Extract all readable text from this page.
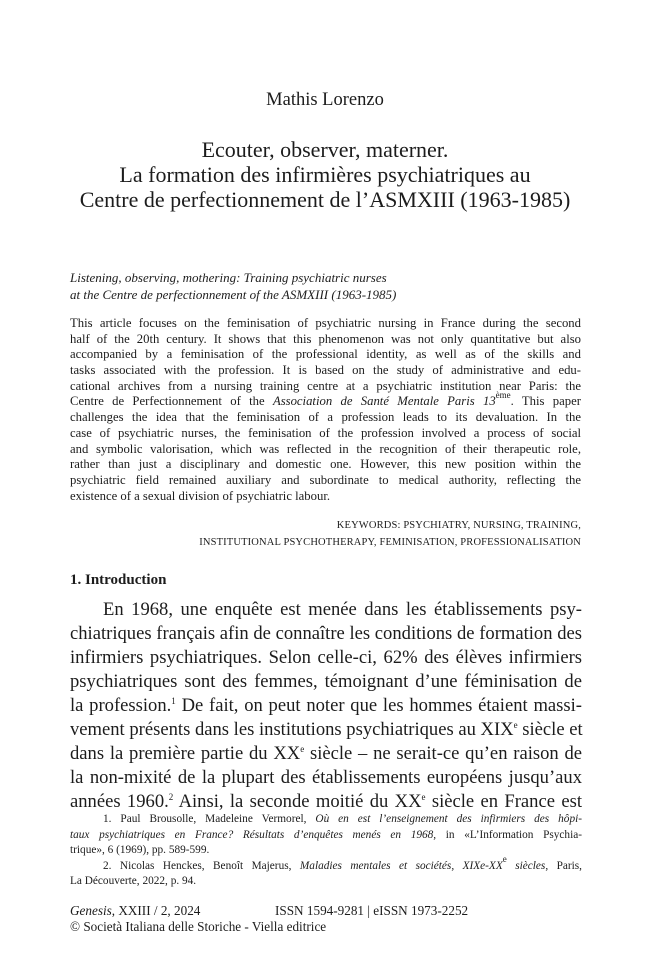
Mathis Lorenzo
Ecouter, observer, materner.
La formation des infirmières psychiatriques au
Centre de perfectionnement de l’ASMXIII (1963-1985)
Listening, observing, mothering: Training psychiatric nurses
at the Centre de perfectionnement of the ASMXIII (1963-1985)
This article focuses on the feminisation of psychiatric nursing in France during the second
half of the 20th century. It shows that this phenomenon was not only quantitative but also
accompanied by a feminisation of the professional identity, as well as of the skills and
tasks associated with the profession. It is based on the study of administrative and edu-
cational archives from a nursing training centre at a psychiatric institution near Paris: the
Centre de Perfectionnement of the Association de Santé Mentale Paris 13ème. This paper
challenges the idea that the feminisation of a profession leads to its devaluation. In the
case of psychiatric nurses, the feminisation of the profession involved a process of social
and symbolic valorisation, which was reflected in the recognition of their therapeutic role,
rather than just a disciplinary and domestic one. However, this new position within the
psychiatric field remained auxiliary and subordinate to medical authority, reflecting the
existence of a sexual division of psychiatric labour.
KEYWORDS: PSYCHIATRY, NURSING, TRAINING,
INSTITUTIONAL PSYCHOTHERAPY, FEMINISATION, PROFESSIONALISATION
1. Introduction
En 1968, une enquête est menée dans les établissements psy-
chiatriques français afin de connaître les conditions de formation des
infirmiers psychiatriques. Selon celle-ci, 62% des élèves infirmiers
psychiatriques sont des femmes, témoignant d’une féminisation de
la profession.$^1$ De fait, on peut noter que les hommes étaient massi-
vement présents dans les institutions psychiatriques au XIXe siècle et
dans la première partie du XXe siècle – ne serait-ce qu’en raison de
la non-mixité de la plupart des établissements européens jusqu’aux
années 1960.$^2$ Ainsi, la seconde moitié du XXe siècle en France est
1. Paul Brousolle, Madeleine Vermorel, Où en est l’enseignement des infirmiers des hôpi-
taux psychiatriques en France? Résultats d’enquêtes menés en 1968, in «L’Information Psychia-
trique», 6 (1969), pp. 589-599.
2. Nicolas Henckes, Benoît Majerus, Maladies mentales et sociétés, XIXe-XXe siècles, Paris,
La Découverte, 2022, p. 94.
Genesis, XXIII / 2, 2024	ISSN 1594-9281 | eISSN 1973-2252
© Società Italiana delle Storiche - Viella editrice
